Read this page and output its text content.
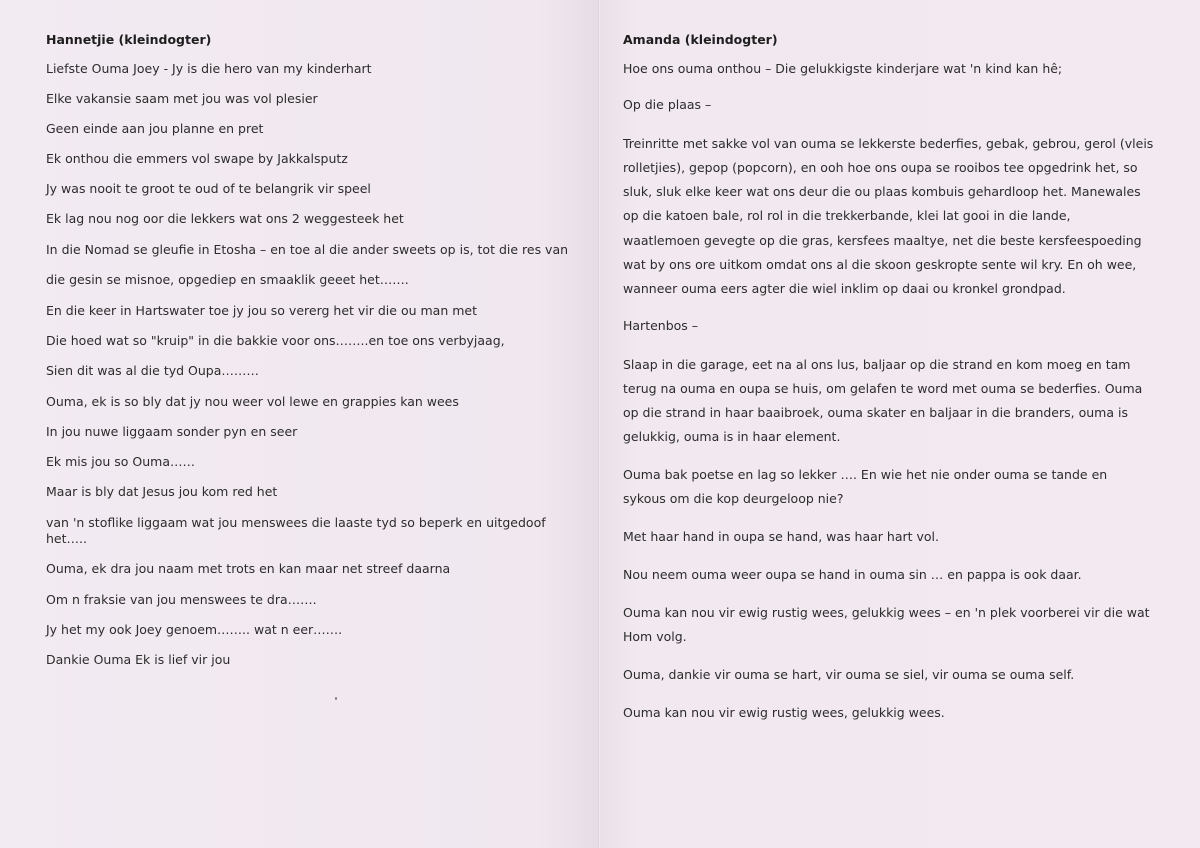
Hannetjie (kleindogter)

Liefste Ouma Joey - Jy is die hero van my kinderhart

Elke vakansie saam met jou was vol plesier

Geen einde aan jou planne en pret

Ek onthou die emmers vol swape by Jakkalsputz

Jy was nooit te groot te oud of te belangrik vir speel

Ek lag nou nog oor die lekkers wat ons 2 weggesteek het

In die Nomad se gleufie in Etosha – en toe al die ander sweets op is, tot die res van

die gesin se misnoe, opgediep en smaaklik geeet het…….

En die keer in Hartswater toe jy jou so vererg het vir die ou man met

Die hoed wat so "kruip" in die bakkie voor ons……..en toe ons verbyjaag,

Sien dit was al die tyd Oupa………

Ouma, ek is so bly dat jy nou weer vol lewe en grappies kan wees

In jou nuwe liggaam sonder pyn en seer

Ek mis jou so Ouma……

Maar is bly dat Jesus jou kom red het

van 'n stoflike liggaam wat jou menswees die laaste tyd so beperk en uitgedoof

het…..

Ouma, ek dra jou naam met trots en kan maar net streef daarna

Om n fraksie van jou menswees te dra…….

Jy het my ook Joey genoem…….. wat n eer…….

Dankie Ouma Ek is lief vir jou

Amanda (kleindogter)

Hoe ons ouma onthou – Die gelukkigste kinderjare wat 'n kind kan hê;

Op die plaas –

Treinritte met sakke vol van ouma se lekkerste bederfies, gebak, gebrou, gerol (vleis

rolletjies), gepop (popcorn), en ooh hoe ons oupa se rooibos tee opgedrink het, so

sluk, sluk elke keer wat ons deur die ou plaas kombuis gehardloop het. Manewales

op die katoen bale, rol rol in die trekkerbande, klei lat gooi in die lande,

waatlemoen gevegte op die gras, kersfees maaltye, net die beste kersfeespoeding

wat by ons ore uitkom omdat ons al die skoon geskropte sente wil kry. En oh wee,

wanneer ouma eers agter die wiel inklim op daai ou kronkel grondpad.

Hartenbos –

Slaap in die garage, eet na al ons lus, baljaar op die strand en kom moeg en tam

terug na ouma en oupa se huis, om gelafen te word met ouma se bederfies. Ouma

op die strand in haar baaibroek, ouma skater en baljaar in die branders, ouma is

gelukkig, ouma is in haar element.

Ouma bak poetse en lag so lekker …. En wie het nie onder ouma se tande en

sykous om die kop deurgeloop nie?

Met haar hand in oupa se hand, was haar hart vol.

Nou neem ouma weer oupa se hand in ouma sin … en pappa is ook daar.

Ouma kan nou vir ewig rustig wees, gelukkig wees – en 'n plek voorberei vir die wat

Hom volg.

Ouma, dankie vir ouma se hart, vir ouma se siel, vir ouma se ouma self.

Ouma kan nou vir ewig rustig wees, gelukkig wees.
